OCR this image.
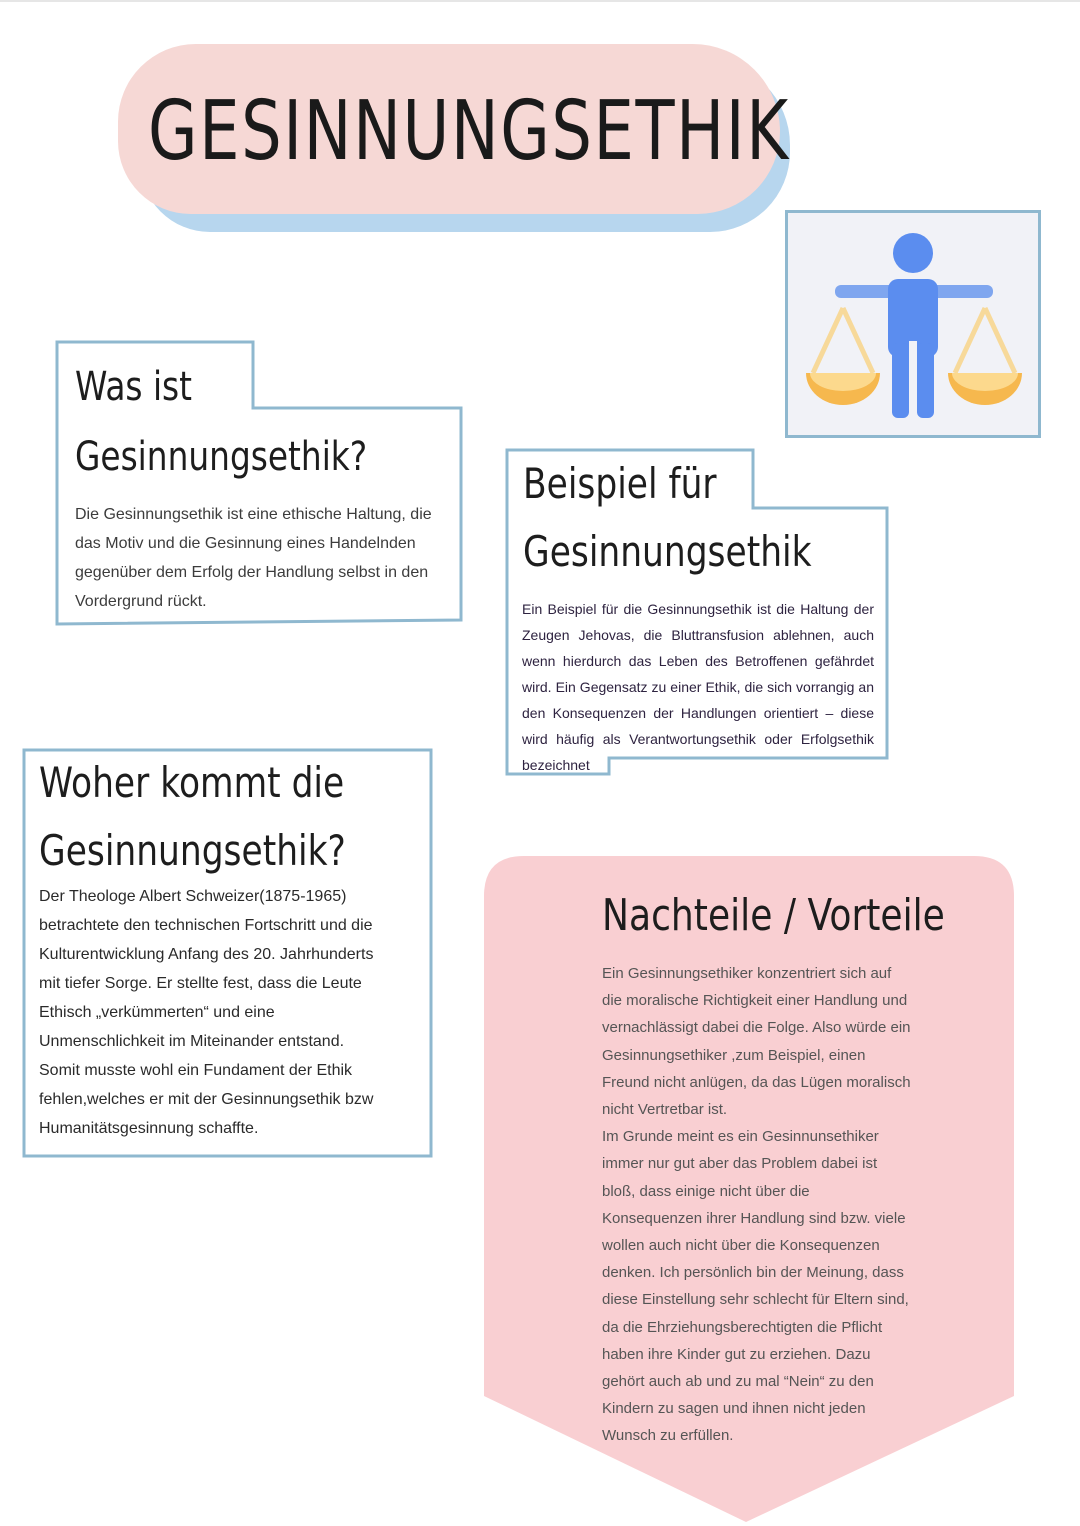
GESINNUNGSETHIK
Was ist
Gesinnungsethik?

Die Gesinnungsethik ist eine ethische Haltung, die das Motiv und die Gesinnung eines Handelnden gegenüber dem Erfolg der Handlung selbst in den Vordergrund rückt.

Beispiel für
Gesinnungsethik

Ein Beispiel für die Gesinnungsethik ist die Haltung der Zeugen Jehovas, die Bluttransfusion ablehnen, auch wenn hierdurch das Leben des Betroffenen gefährdet wird. Ein Gegensatz zu einer Ethik, die sich vorrangig an den Konsequenzen der Handlungen orientiert – diese wird häufig als Verantwortungsethik oder Erfolgsethik bezeichnet

Woher kommt die
Gesinnungsethik?

Der Theologe Albert Schweizer(1875-1965) betrachtete den technischen Fortschritt und die Kulturentwicklung Anfang des 20. Jahrhunderts mit tiefer Sorge. Er stellte fest, dass die Leute Ethisch „verkümmerten“ und eine Unmenschlichkeit im Miteinander entstand. Somit musste wohl ein Fundament der Ethik fehlen,welches er mit der Gesinnungsethik bzw Humanitätsgesinnung schaffte.

Nachteile / Vorteile
Ein Gesinnungsethiker konzentriert sich auf die moralische Richtigkeit einer Handlung und vernachlässigt dabei die Folge. Also würde ein Gesinnungsethiker ,zum Beispiel, einen Freund nicht anlügen, da das Lügen moralisch nicht Vertretbar ist.
Im Grunde meint es ein Gesinnunsethiker immer nur gut aber das Problem dabei ist bloß, dass einige nicht über die Konsequenzen ihrer Handlung sind bzw. viele wollen auch nicht über die Konsequenzen denken. Ich persönlich bin der Meinung, dass diese Einstellung sehr schlecht für Eltern sind, da die Ehrziehungsberechtigten die Pflicht haben ihre Kinder gut zu erziehen. Dazu gehört auch ab und zu mal “Nein“ zu den Kindern zu sagen und ihnen nicht jeden Wunsch zu erfüllen.
